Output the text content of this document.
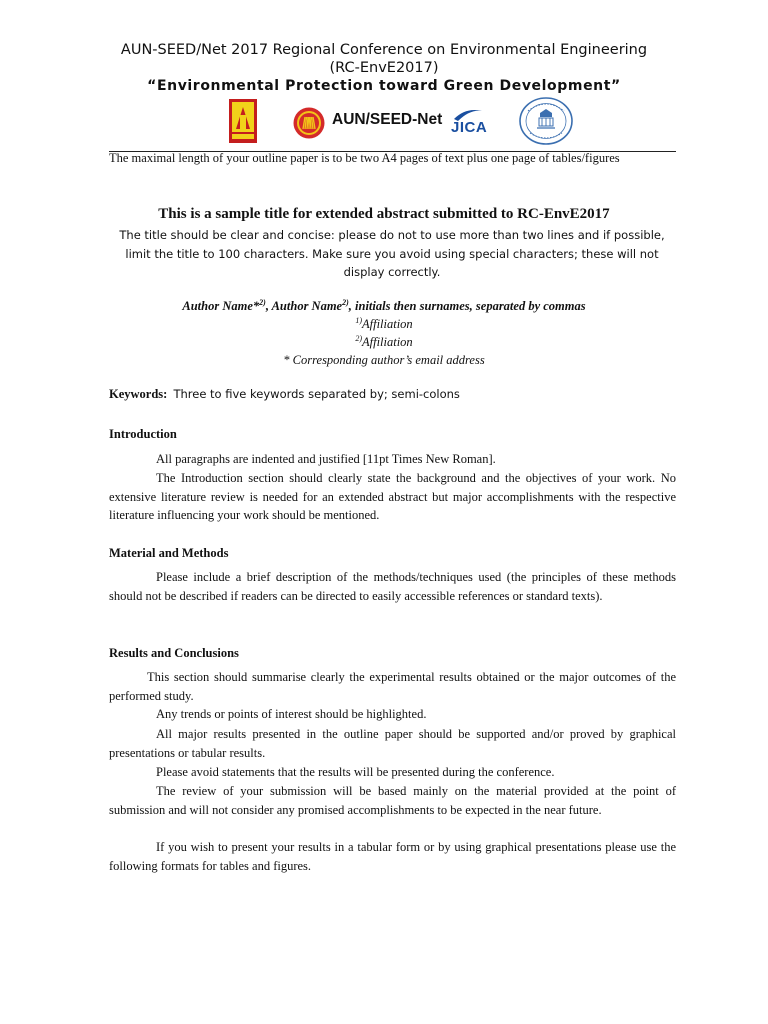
AUN-SEED/Net 2017 Regional Conference on Environmental Engineering
(RC-EnvE2017)
“Environmental Protection toward Green Development”
AUN/SEED-Net JICA
The maximal length of your outline paper is to be two A4 pages of text plus one page of tables/figures
This is a sample title for extended abstract submitted to RC-EnvE2017
The title should be clear and concise: please do not to use more than two lines and if possible, limit the title to 100 characters. Make sure you avoid using special characters; these will not display correctly.
Author Name*$^{2)}$, Author Name$^{2)}$, initials then surnames, separated by commas
$^{1)}$Affiliation
$^{2)}$Affiliation
* Corresponding author’s email address
Keywords: Three to five keywords separated by; semi-colons
Introduction
All paragraphs are indented and justified [11pt Times New Roman].
The Introduction section should clearly state the background and the objectives of your work. No extensive literature review is needed for an extended abstract but major accomplishments with the respective literature influencing your work should be mentioned.
Material and Methods
Please include a brief description of the methods/techniques used (the principles of these methods should not be described if readers can be directed to easily accessible references or standard texts).
Results and Conclusions
This section should summarise clearly the experimental results obtained or the major outcomes of the performed study.
Any trends or points of interest should be highlighted.
All major results presented in the outline paper should be supported and/or proved by graphical presentations or tabular results.
Please avoid statements that the results will be presented during the conference.
The review of your submission will be based mainly on the material provided at the point of submission and will not consider any promised accomplishments to be expected in the near future.
If you wish to present your results in a tabular form or by using graphical presentations please use the following formats for tables and figures.
